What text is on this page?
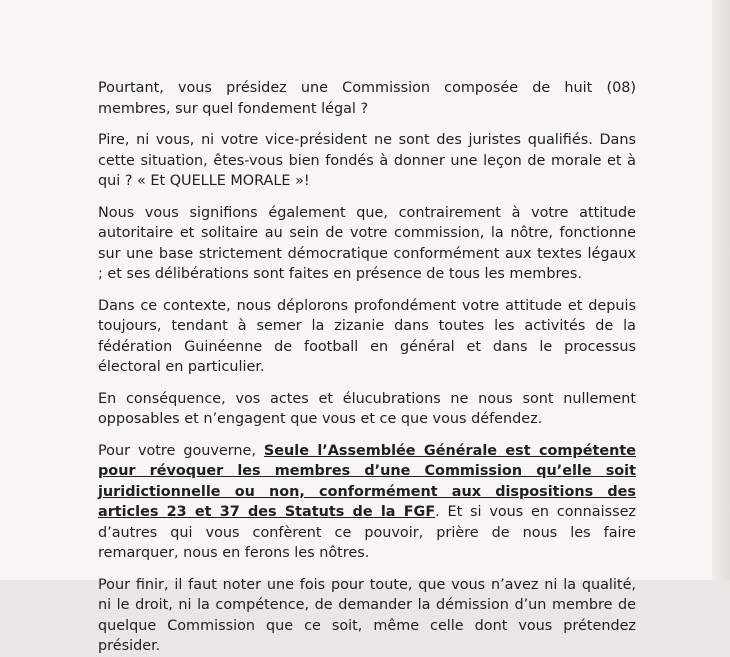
Pourtant, vous présidez une Commission composée de huit (08) membres, sur quel fondement légal ?

Pire, ni vous, ni votre vice-président ne sont des juristes qualifiés. Dans cette situation, êtes-vous bien fondés à donner une leçon de morale et à qui ? « Et QUELLE MORALE »!

Nous vous signifions également que, contrairement à votre attitude autoritaire et solitaire au sein de votre commission, la nôtre, fonctionne sur une base strictement démocratique conformément aux textes légaux ; et ses délibérations sont faites en présence de tous les membres.

Dans ce contexte, nous déplorons profondément votre attitude et depuis toujours, tendant à semer la zizanie dans toutes les activités de la fédération Guinéenne de football en général et dans le processus électoral en particulier.

En conséquence, vos actes et élucubrations ne nous sont nullement opposables et n’engagent que vous et ce que vous défendez.

Pour votre gouverne, Seule l’Assemblée Générale est compétente pour révoquer les membres d’une Commission qu’elle soit juridictionnelle ou non, conformément aux dispositions des articles 23 et 37 des Statuts de la FGF. Et si vous en connaissez d’autres qui vous confèrent ce pouvoir, prière de nous les faire remarquer, nous en ferons les nôtres.

Pour finir, il faut noter une fois pour toute, que vous n’avez ni la qualité, ni le droit, ni la compétence, de demander la démission d’un membre de quelque Commission que ce soit, même celle dont vous prétendez présider.
